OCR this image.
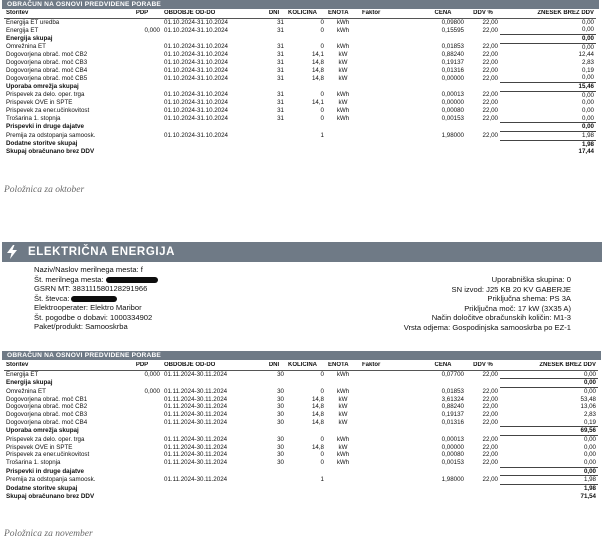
OBRAČUN NA OSNOVI PREDVIDENE PORABE
Storitev	PDP	OBDOBJE OD-DO	DNI	KOLIČINA	ENOTA	Faktor	CENA	DDV %	ZNESEK BREZ DDV
Energija ET uredba		01.10.2024-31.10.2024	31	0	kWh		0,09800	22,00	0,00
Energija ET	0,000	01.10.2024-31.10.2024	31	0	kWh		0,15595	22,00	0,00
Energija skupaj									0,00
Omrežnina ET		01.10.2024-31.10.2024	31	0	kWh		0,01853	22,00	0,00
Dogovorjena obrač. moč CB2		01.10.2024-31.10.2024	31	14,1	kW		0,88240	22,00	12,44
Dogovorjena obrač. moč CB3		01.10.2024-31.10.2024	31	14,8	kW		0,19137	22,00	2,83
Dogovorjena obrač. moč CB4		01.10.2024-31.10.2024	31	14,8	kW		0,01316	22,00	0,19
Dogovorjena obrač. moč CB5		01.10.2024-31.10.2024	31	14,8	kW		0,00000	22,00	0,00
Uporaba omrežja skupaj									15,46
Prispevek za delo. oper. trga		01.10.2024-31.10.2024	31	0	kWh		0,00013	22,00	0,00
Prispevek OVE in SPTE		01.10.2024-31.10.2024	31	14,1	kW		0,00000	22,00	0,00
Prispevek za ener.učinkovitost		01.10.2024-31.10.2024	31	0	kWh		0,00080	22,00	0,00
Trošarina 1. stopnja		01.10.2024-31.10.2024	31	0	kWh		0,00153	22,00	0,00
Prispevki in druge dajatve									0,00
Premija za odstopanja samoosk.		01.10.2024-31.10.2024		1			1,98000	22,00	1,98
Dodatne storitve skupaj									1,98
Skupaj obračunano brez DDV									17,44
Položnica za oktober
ELEKTRIČNA ENERGIJA
Naziv/Naslov merilnega mesta: f
Št. merilnega mesta:
GSRN MT: 383111580128291966
Št. števca:
Elektrooperater: Elektro Maribor
Št. pogodbe o dobavi: 1000334902
Paket/produkt: Samooskrba
Uporabniška skupina: 0
SN izvod: J25 KB 20 KV GABERJE
Priključna shema: PS 3A
Priključna moč: 17 kW (3X35 A)
Način določitve obračunskih količin: M1-3
Vrsta odjema: Gospodinjska samooskrba po EZ-1
OBRAČUN NA OSNOVI PREDVIDENE PORABE
Storitev	PDP	OBDOBJE OD-DO	DNI	KOLIČINA	ENOTA	Faktor	CENA	DDV %	ZNESEK BREZ DDV
Energija ET	0,000	01.11.2024-30.11.2024	30	0	kWh		0,07700	22,00	0,00
Energija skupaj									0,00
Omrežnina ET	0,000	01.11.2024-30.11.2024	30	0	kWh		0,01853	22,00	0,00
Dogovorjena obrač. moč CB1		01.11.2024-30.11.2024	30	14,8	kW		3,61324	22,00	53,48
Dogovorjena obrač. moč CB2		01.11.2024-30.11.2024	30	14,8	kW		0,88240	22,00	13,06
Dogovorjena obrač. moč CB3		01.11.2024-30.11.2024	30	14,8	kW		0,19137	22,00	2,83
Dogovorjena obrač. moč CB4		01.11.2024-30.11.2024	30	14,8	kW		0,01316	22,00	0,19
Uporaba omrežja skupaj									69,56
Prispevek za delo. oper. trga		01.11.2024-30.11.2024	30	0	kWh		0,00013	22,00	0,00
Prispevek OVE in SPTE		01.11.2024-30.11.2024	30	14,8	kW		0,00000	22,00	0,00
Prispevek za ener.učinkovitost		01.11.2024-30.11.2024	30	0	kWh		0,00080	22,00	0,00
Trošarina 1. stopnja		01.11.2024-30.11.2024	30	0	kWh		0,00153	22,00	0,00
Prispevki in druge dajatve									0,00
Premija za odstopanja samoosk.		01.11.2024-30.11.2024		1			1,98000	22,00	1,98
Dodatne storitve skupaj									1,98
Skupaj obračunano brez DDV									71,54
Položnica za november
